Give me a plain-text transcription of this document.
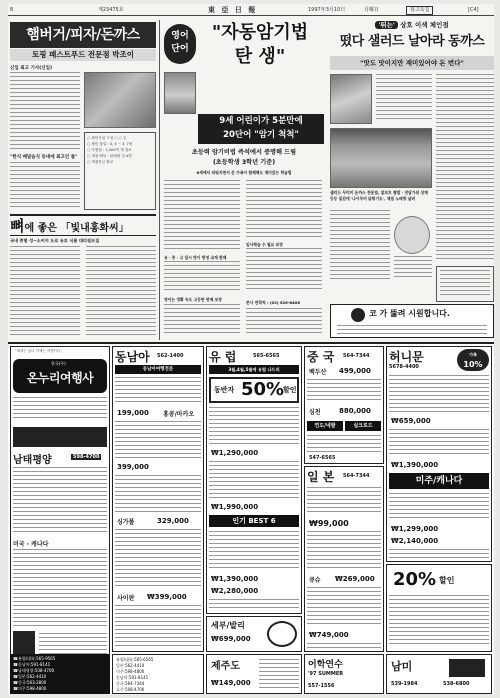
8	제23475호	東 亞 日 報	1997年3月10日	月曜日	광고특집	[C4]
햄버거/피자/돈까스
토핑 패스트푸드 전문점 박조이
신입 최고 기사(신입)
"한식 배달음식 동네에 최고인 물"
○ 체인사업 구성 ○ ○ 등
○ 체인 창업 : 3, 4 ~ 3. 7평
○ 가맹점 : 1,000여 개 점포
○ 개점 배달 : 판매원 일 4명
○ 개점자금 확보
뼈에 좋은 「빛내홍화씨」
국내 종합 성~소비지 도로 유토 식품 대리점모집
영어
단어
"자동암기법
탄 생"
9세 어린이가 5분만에
20단어 "암기 척척"
초등력 암기비법 즉석에서 증명해 드림
(초등학생 3학년 기준)
6세에서 외워지면서 존 가족이 함께해도 재미있는 학습법
유 · 중 · 고 입시 맛이 방영 교재 판매
임사학습 수 필요 보장
영어는 정확 속도 고등판 판매 보장
본사 연락처 : (02) 526-8408
'뛰는' 상호 이색 체인점
떴다 샐러드 날아라 동까스
"맛도 맛이지만 재미있어야 돈 번다"
샐러드 꾸러미 돈까스 전문점, 알코트 짬밥 · 전답가위 상계 등등 일감에 '나이무터 닭튀기도', 재점 노래방 살려
코 가 뚫려 시원합니다.
「세계는 넓다 이제는 여행이다」
온누리여행사
한국(주)
남태평양	598-4700
미국 · 캐나다
☎유럽/대륙:565-9565
☎동남아:591-8141
☎남태평양:508-4700
☎일본:562-4410
☎중국:563-2800
☎미주:598-4800
동남아 562-1400
동남아여행전문
199,000 홍콩/마카오
399,000
싱가폴	329,000
사이판 ₩399,000
유 럽	565-6565
3월,4월,5월에 유럽 나드리
동반자 50%
할인
₩1,290,000
₩1,990,000
인기 BEST 6
₩1,390,000
₩2,280,000
세부/발리
₩699,000
중 국 564-7344
백두산 499,000
심천	880,000
연도/네팔	실크로드
547-6565
일 본 564-7344
₩99,000
큐슈 ₩269,000
₩749,000
허니문
5678-4400
가족
10%
₩659,000
₩1,390,000
미주/캐나다
₩1,299,000
₩2,140,000
20% 할인
유럽/대륙:565-6565
일본:562-4410
미주:598-4800
동남아:591-8141
중국:564-7344
호주:508-4700
제주도
₩149,000
어학연수
'97 SUMMER
557-1556
남미
539-1984	538-6800
